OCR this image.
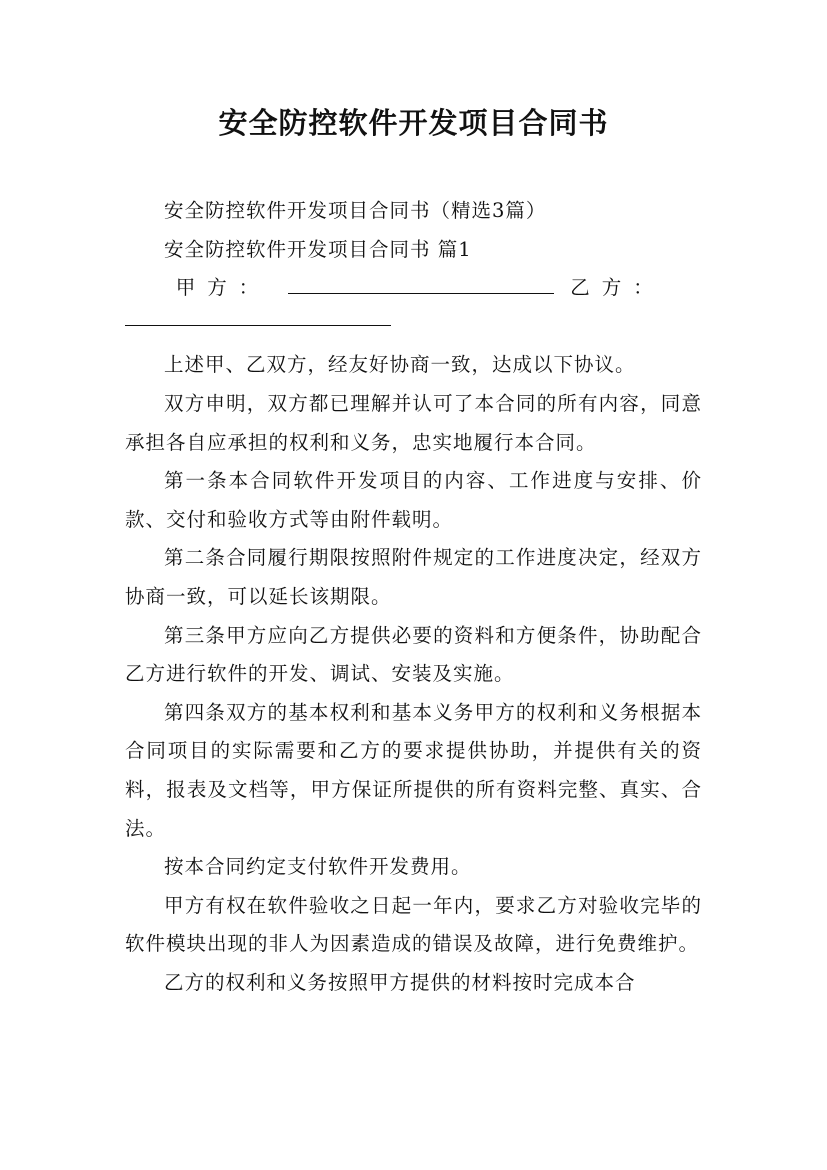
安全防控软件开发项目合同书

安全防控软件开发项目合同书（精选3篇）

安全防控软件开发项目合同书 篇1

甲方：	乙方：

上述甲、乙双方，经友好协商一致，达成以下协议。

双方申明，双方都已理解并认可了本合同的所有内容，同意承担各自应承担的权利和义务，忠实地履行本合同。

第一条本合同软件开发项目的内容、工作进度与安排、价款、交付和验收方式等由附件载明。

第二条合同履行期限按照附件规定的工作进度决定，经双方协商一致，可以延长该期限。

第三条甲方应向乙方提供必要的资料和方便条件，协助配合乙方进行软件的开发、调试、安装及实施。

第四条双方的基本权利和基本义务甲方的权利和义务根据本合同项目的实际需要和乙方的要求提供协助，并提供有关的资料，报表及文档等，甲方保证所提供的所有资料完整、真实、合法。

按本合同约定支付软件开发费用。

甲方有权在软件验收之日起一年内，要求乙方对验收完毕的软件模块出现的非人为因素造成的错误及故障，进行免费维护。

乙方的权利和义务按照甲方提供的材料按时完成本合
